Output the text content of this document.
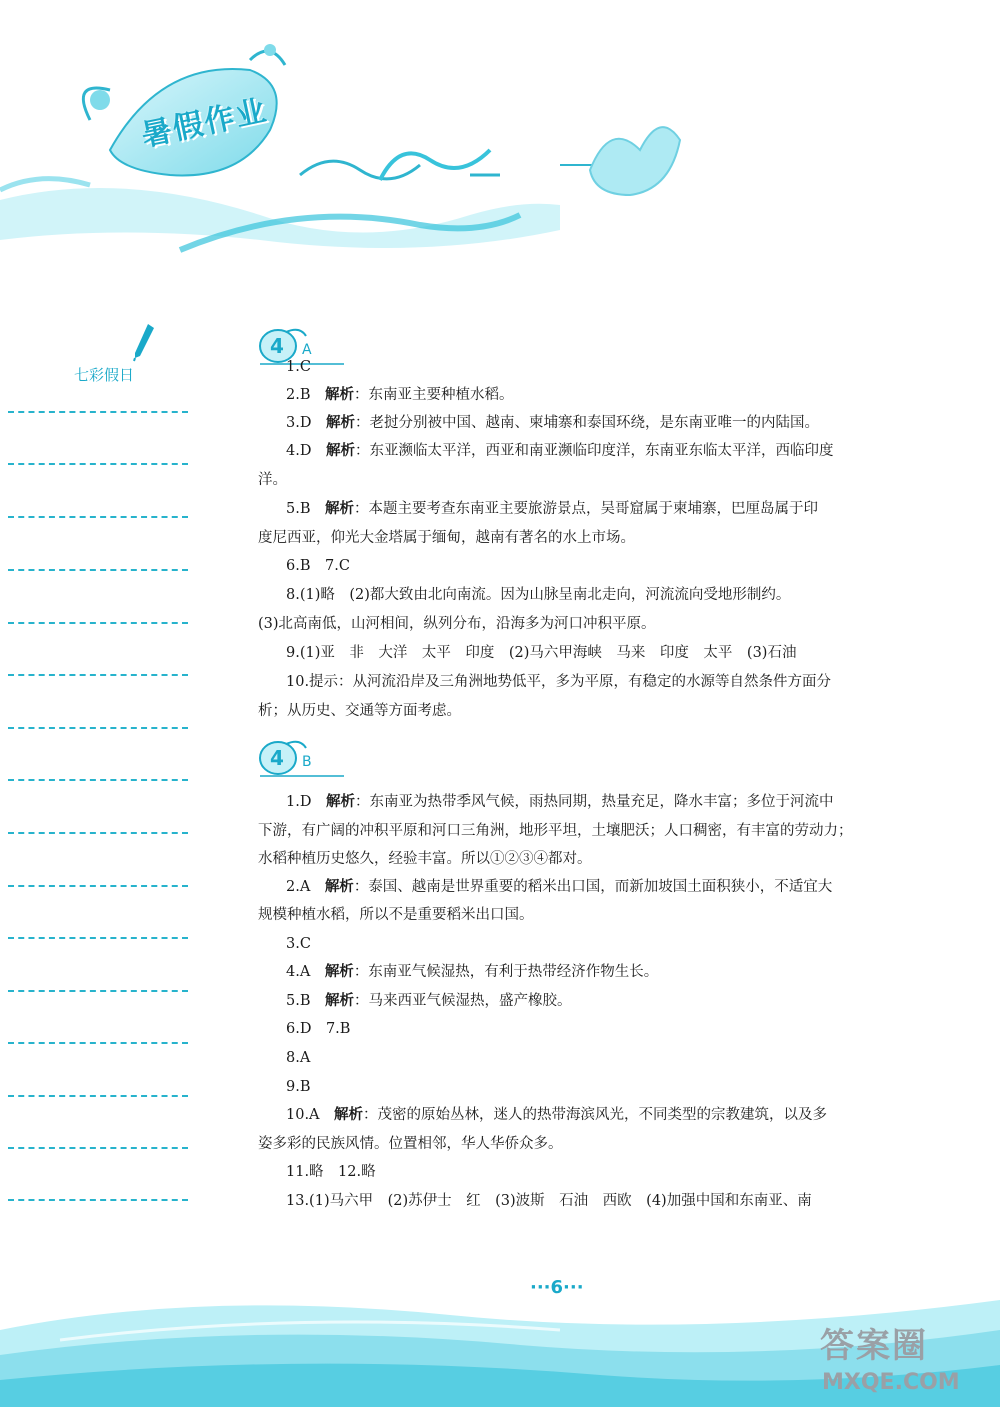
暑假作业
七彩假日
4 A
1.C
2.B　 解析：东南亚主要种植水稻。
3.D　 解析：老挝分别被中国、越南、柬埔寨和泰国环绕，是东南亚唯一的内陆国。
4.D　 解析：东亚濒临太平洋，西亚和南亚濒临印度洋，东南亚东临太平洋，西临印度
洋。
5.B　 解析：本题主要考查东南亚主要旅游景点，吴哥窟属于柬埔寨，巴厘岛属于印
度尼西亚，仰光大金塔属于缅甸，越南有著名的水上市场。
6.B　7.C
8.(1)略　(2)都大致由北向南流。因为山脉呈南北走向，河流流向受地形制约。
(3)北高南低，山河相间，纵列分布，沿海多为河口冲积平原。
9.(1)亚　非　大洋　太平　印度　(2)马六甲海峡　马来　印度　太平　(3)石油
10.提示：从河流沿岸及三角洲地势低平，多为平原，有稳定的水源等自然条件方面分
析；从历史、交通等方面考虑。
4 B
1.D　 解析：东南亚为热带季风气候，雨热同期，热量充足，降水丰富；多位于河流中
下游，有广阔的冲积平原和河口三角洲，地形平坦，土壤肥沃；人口稠密，有丰富的劳动力；
水稻种植历史悠久，经验丰富。所以①②③④都对。
2.A　 解析：泰国、越南是世界重要的稻米出口国，而新加坡国土面积狭小，不适宜大
规模种植水稻，所以不是重要稻米出口国。
3.C
4.A　 解析：东南亚气候湿热，有利于热带经济作物生长。
5.B　 解析：马来西亚气候湿热，盛产橡胶。
6.D　7.B
8.A
9.B
10.A　 解析：茂密的原始丛林，迷人的热带海滨风光，不同类型的宗教建筑，以及多
姿多彩的民族风情。位置相邻，华人华侨众多。
11.略　12.略
13.(1)马六甲　(2)苏伊士　红　(3)波斯　石油　西欧　(4)加强中国和东南亚、南
···6···
答案圈
MXQE.COM
